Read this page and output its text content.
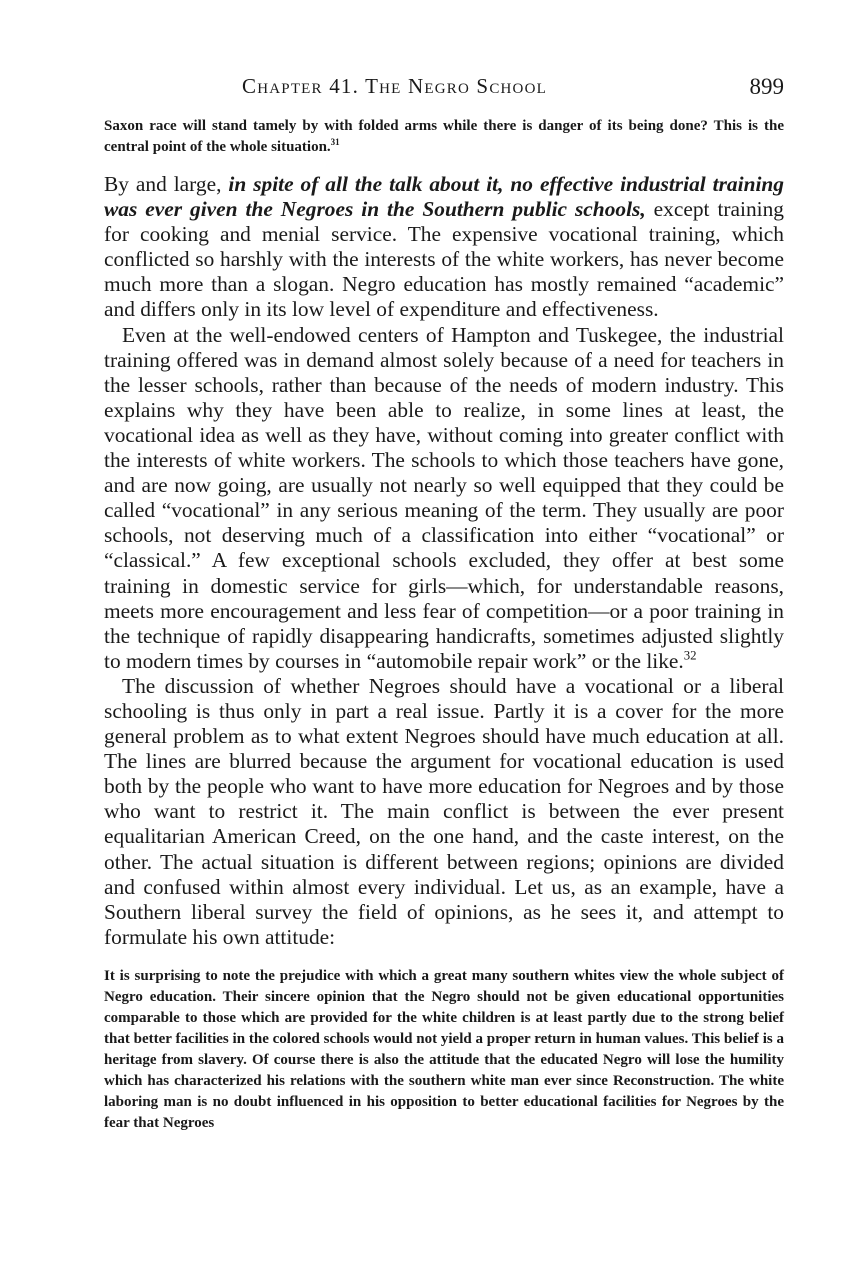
Chapter 41. The Negro School	899

Saxon race will stand tamely by with folded arms while there is danger of its being done? This is the central point of the whole situation.$^{31}$

By and large, in spite of all the talk about it, no effective industrial training was ever given the Negroes in the Southern public schools, except training for cooking and menial service. The expensive vocational training, which conflicted so harshly with the interests of the white workers, has never become much more than a slogan. Negro education has mostly remained “academic” and differs only in its low level of expenditure and effectiveness.

Even at the well-endowed centers of Hampton and Tuskegee, the industrial training offered was in demand almost solely because of a need for teachers in the lesser schools, rather than because of the needs of modern industry. This explains why they have been able to realize, in some lines at least, the vocational idea as well as they have, without coming into greater conflict with the interests of white workers. The schools to which those teachers have gone, and are now going, are usually not nearly so well equipped that they could be called “vocational” in any serious meaning of the term. They usually are poor schools, not deserving much of a classification into either “vocational” or “classical.” A few exceptional schools excluded, they offer at best some training in domestic service for girls—which, for understandable reasons, meets more encouragement and less fear of competition—or a poor training in the technique of rapidly disappearing handicrafts, sometimes adjusted slightly to modern times by courses in “automobile repair work” or the like.$^{32}$

The discussion of whether Negroes should have a vocational or a liberal schooling is thus only in part a real issue. Partly it is a cover for the more general problem as to what extent Negroes should have much education at all. The lines are blurred because the argument for vocational education is used both by the people who want to have more education for Negroes and by those who want to restrict it. The main conflict is between the ever present equalitarian American Creed, on the one hand, and the caste interest, on the other. The actual situation is different between regions; opinions are divided and confused within almost every individual. Let us, as an example, have a Southern liberal survey the field of opinions, as he sees it, and attempt to formulate his own attitude:

It is surprising to note the prejudice with which a great many southern whites view the whole subject of Negro education. Their sincere opinion that the Negro should not be given educational opportunities comparable to those which are provided for the white children is at least partly due to the strong belief that better facilities in the colored schools would not yield a proper return in human values. This belief is a heritage from slavery. Of course there is also the attitude that the educated Negro will lose the humility which has characterized his relations with the southern white man ever since Reconstruction. The white laboring man is no doubt influenced in his opposition to better educational facilities for Negroes by the fear that Negroes
